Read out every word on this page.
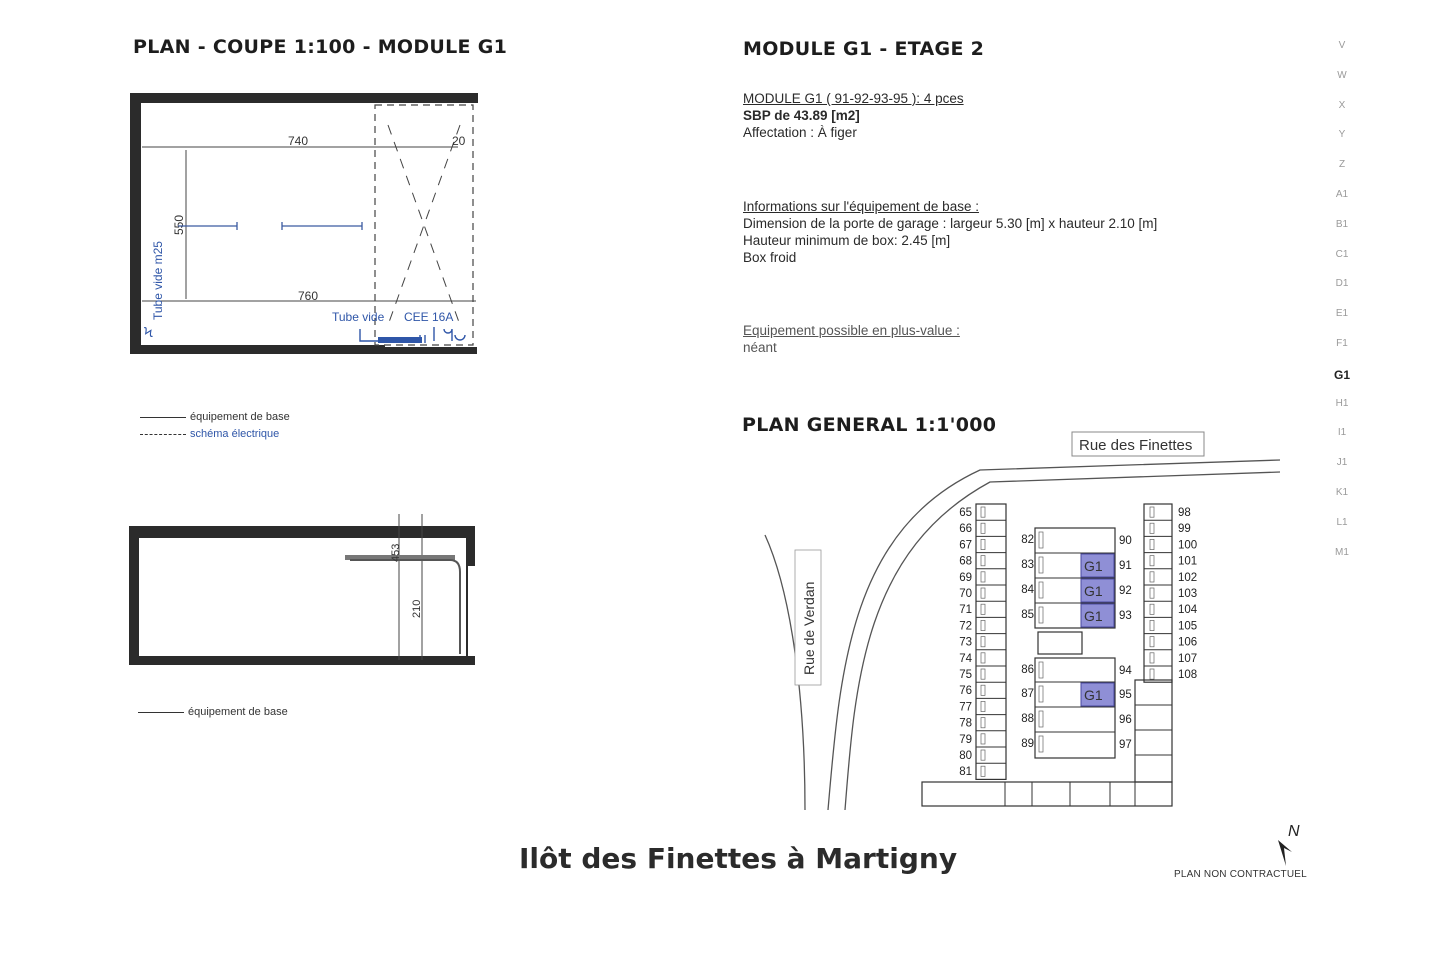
PLAN - COUPE 1:100 - MODULE G1
740	20
760
550
Tube vide m25
Ϟ
Tube vide CEE 16A
équipement de base
schéma électrique
453
210
équipement de base
MODULE G1 - ETAGE 2
MODULE G1 ( 91-92-93-95 ): 4 pces
SBP de 43.89 [m2]
Affectation : À figer
Informations sur l'équipement de base :
Dimension de la porte de garage : largeur 5.30 [m] x hauteur 2.10 [m]
Hauteur minimum de box: 2.45 [m]
Box froid
Equipement possible en plus-value :
néant
PLAN GENERAL 1:1'000
Rue des Finettes
Rue de Verdan
65
66
67
68
69
70
71
72
73
74
75
76
77
78
79
80
81
98
99
100
101
102
103
104
105
106
107
108
82
83
84
85
86
87
88
89
90
91
92
93
94
95
96
97
G1
G1
G1
G1
V
W
X
Y
Z
A1
B1
C1
D1
E1
F1
G1
H1
I1
J1
K1
L1
M1
Ilôt des Finettes à Martigny
N
PLAN NON CONTRACTUEL
